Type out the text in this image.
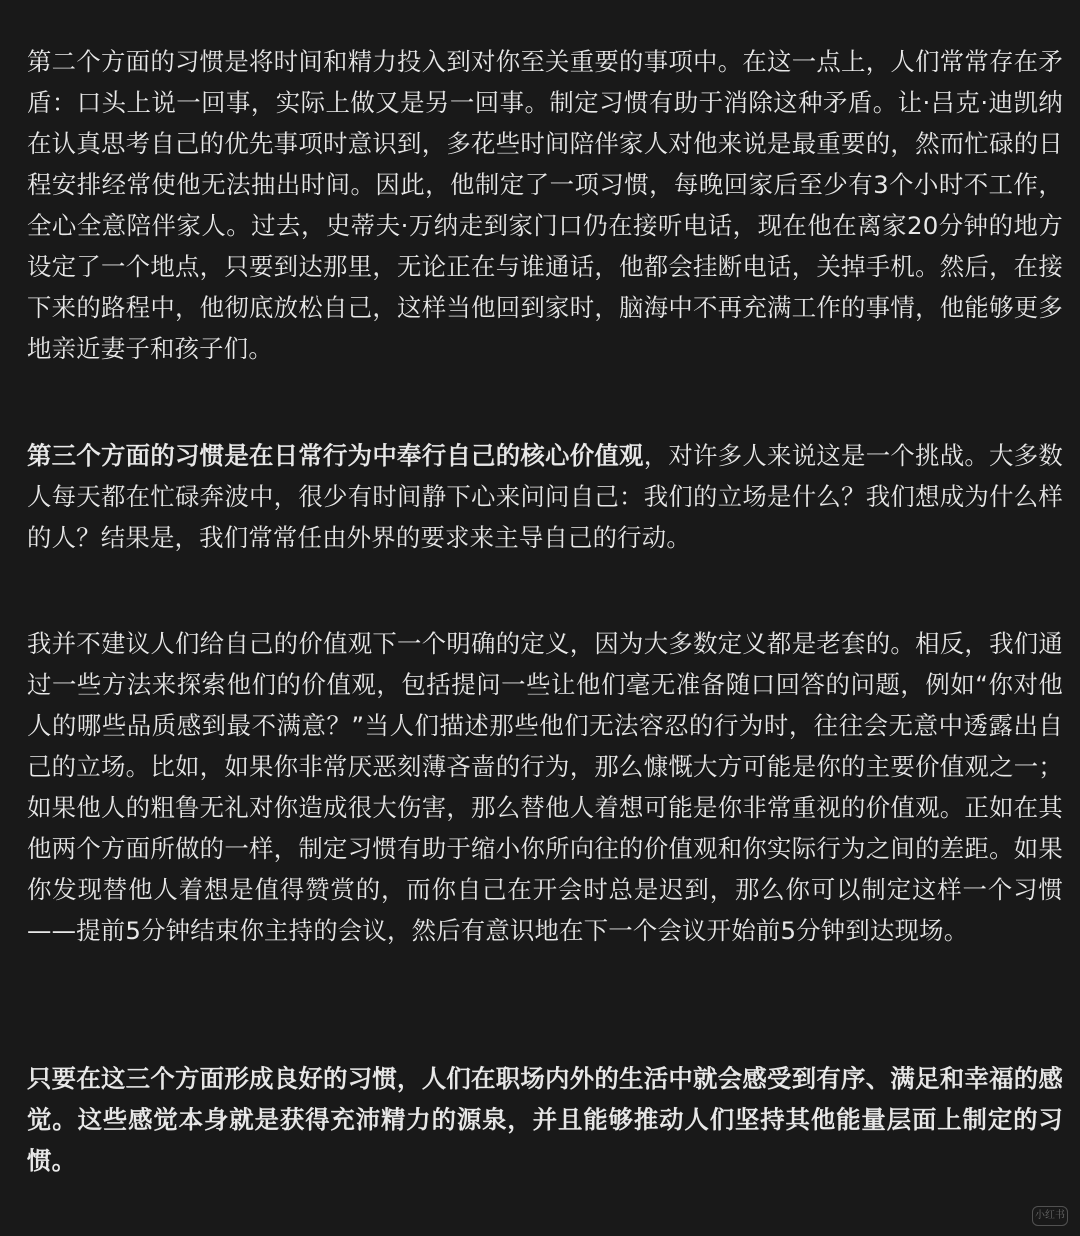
第二个方面的习惯是将时间和精力投入到对你至关重要的事项中。在这一点上，人们常常存在矛盾：口头上说一回事，实际上做又是另一回事。制定习惯有助于消除这种矛盾。让·吕克·迪凯纳在认真思考自己的优先事项时意识到，多花些时间陪伴家人对他来说是最重要的，然而忙碌的日程安排经常使他无法抽出时间。因此，他制定了一项习惯，每晚回家后至少有3个小时不工作，全心全意陪伴家人。过去，史蒂夫·万纳走到家门口仍在接听电话，现在他在离家20分钟的地方设定了一个地点，只要到达那里，无论正在与谁通话，他都会挂断电话，关掉手机。然后，在接下来的路程中，他彻底放松自己，这样当他回到家时，脑海中不再充满工作的事情，他能够更多地亲近妻子和孩子们。

第三个方面的习惯是在日常行为中奉行自己的核心价值观，对许多人来说这是一个挑战。大多数人每天都在忙碌奔波中，很少有时间静下心来问问自己：我们的立场是什么？我们想成为什么样的人？结果是，我们常常任由外界的要求来主导自己的行动。

我并不建议人们给自己的价值观下一个明确的定义，因为大多数定义都是老套的。相反，我们通过一些方法来探索他们的价值观，包括提问一些让他们毫无准备随口回答的问题，例如“你对他人的哪些品质感到最不满意？”当人们描述那些他们无法容忍的行为时，往往会无意中透露出自己的立场。比如，如果你非常厌恶刻薄吝啬的行为，那么慷慨大方可能是你的主要价值观之一；如果他人的粗鲁无礼对你造成很大伤害，那么替他人着想可能是你非常重视的价值观。正如在其他两个方面所做的一样，制定习惯有助于缩小你所向往的价值观和你实际行为之间的差距。如果你发现替他人着想是值得赞赏的，而你自己在开会时总是迟到，那么你可以制定这样一个习惯——提前5分钟结束你主持的会议，然后有意识地在下一个会议开始前5分钟到达现场。

只要在这三个方面形成良好的习惯，人们在职场内外的生活中就会感受到有序、满足和幸福的感觉。这些感觉本身就是获得充沛精力的源泉，并且能够推动人们坚持其他能量层面上制定的习惯。

小红书
